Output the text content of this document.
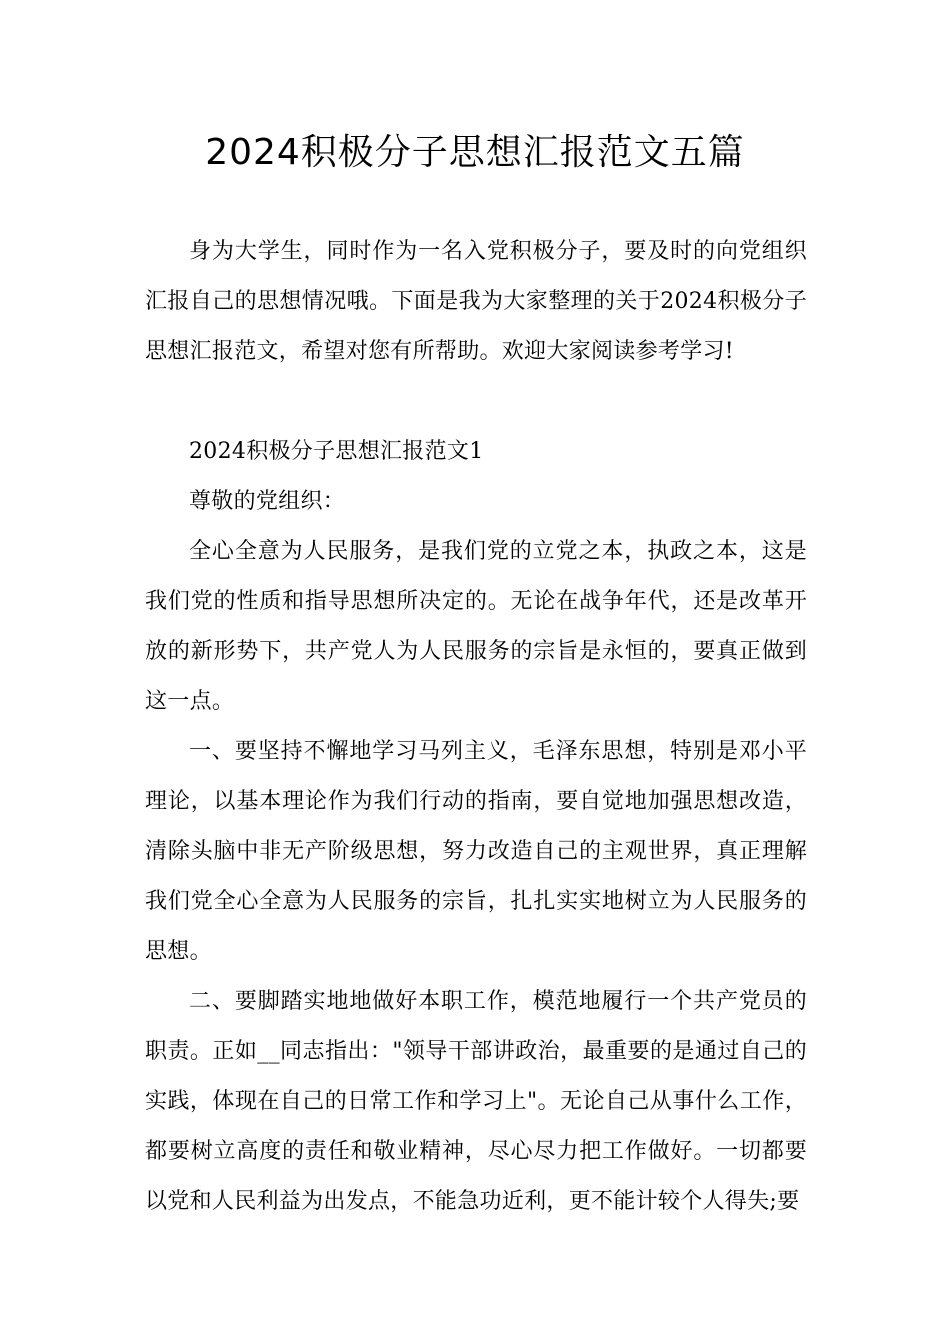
2024积极分子思想汇报范文五篇

身为大学生，同时作为一名入党积极分子，要及时的向党组织汇报自己的思想情况哦。下面是我为大家整理的关于2024积极分子思想汇报范文，希望对您有所帮助。欢迎大家阅读参考学习!

2024积极分子思想汇报范文1

尊敬的党组织：

全心全意为人民服务，是我们党的立党之本，执政之本，这是我们党的性质和指导思想所决定的。无论在战争年代，还是改革开放的新形势下，共产党人为人民服务的宗旨是永恒的，要真正做到这一点。

一、要坚持不懈地学习马列主义，毛泽东思想，特别是邓小平理论，以基本理论作为我们行动的指南，要自觉地加强思想改造，清除头脑中非无产阶级思想，努力改造自己的主观世界，真正理解我们党全心全意为人民服务的宗旨，扎扎实实地树立为人民服务的思想。

二、要脚踏实地地做好本职工作，模范地履行一个共产党员的职责。正如__同志指出："领导干部讲政治，最重要的是通过自己的实践，体现在自己的日常工作和学习上"。无论自己从事什么工作，都要树立高度的责任和敬业精神，尽心尽力把工作做好。一切都要以党和人民利益为出发点，不能急功近利，更不能计较个人得失;要
